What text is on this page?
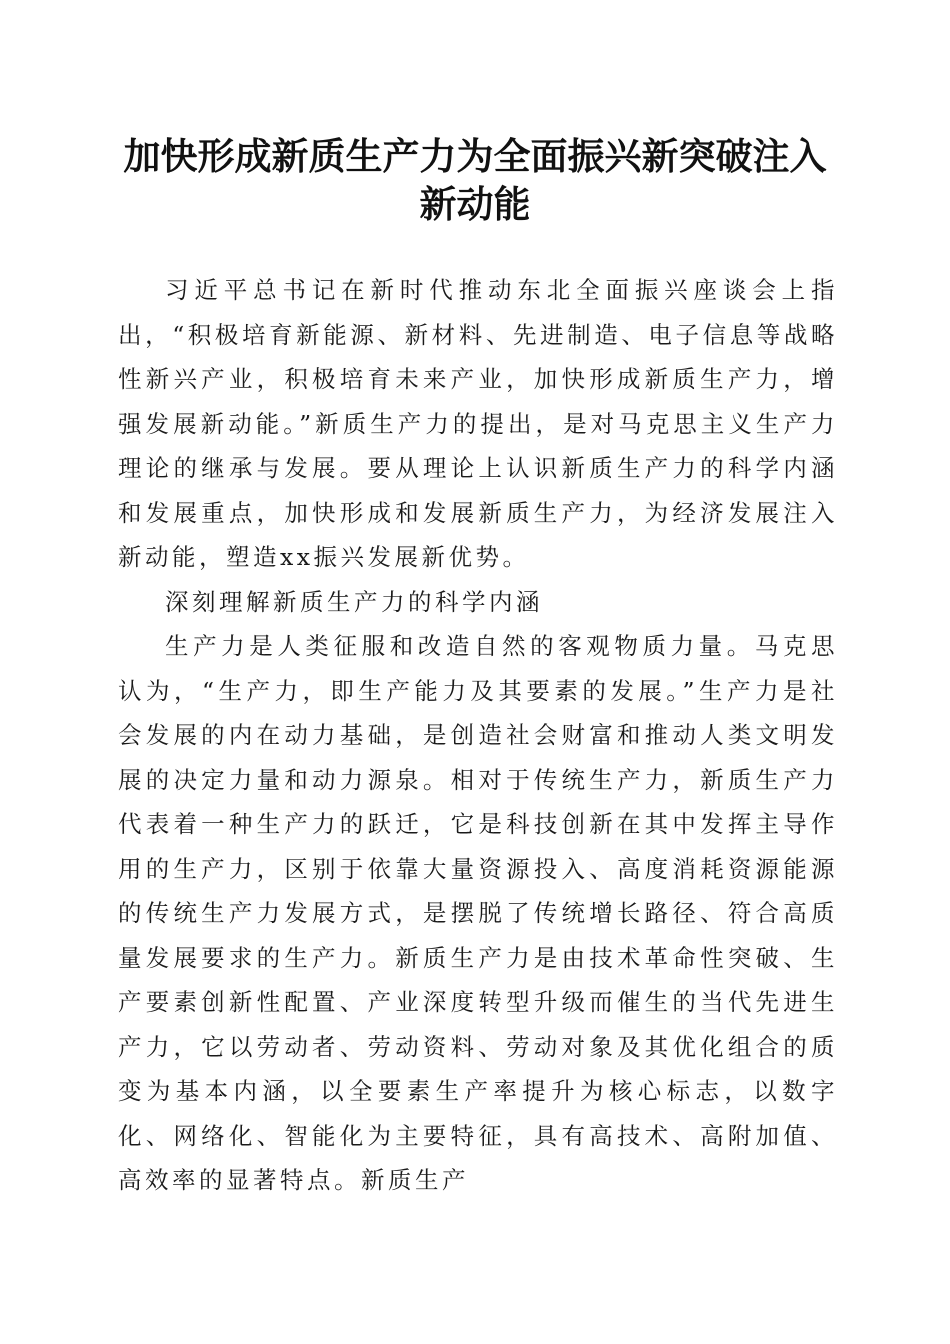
加快形成新质生产力为全面振兴新突破注入新动能

习近平总书记在新时代推动东北全面振兴座谈会上指出，“积极培育新能源、新材料、先进制造、电子信息等战略性新兴产业，积极培育未来产业，加快形成新质生产力，增强发展新动能。”新质生产力的提出，是对马克思主义生产力理论的继承与发展。要从理论上认识新质生产力的科学内涵和发展重点，加快形成和发展新质生产力，为经济发展注入新动能，塑造xx振兴发展新优势。

深刻理解新质生产力的科学内涵

生产力是人类征服和改造自然的客观物质力量。马克思认为，“生产力，即生产能力及其要素的发展。”生产力是社会发展的内在动力基础，是创造社会财富和推动人类文明发展的决定力量和动力源泉。相对于传统生产力，新质生产力代表着一种生产力的跃迁，它是科技创新在其中发挥主导作用的生产力，区别于依靠大量资源投入、高度消耗资源能源的传统生产力发展方式，是摆脱了传统增长路径、符合高质量发展要求的生产力。新质生产力是由技术革命性突破、生产要素创新性配置、产业深度转型升级而催生的当代先进生产力，它以劳动者、劳动资料、劳动对象及其优化组合的质变为基本内涵，以全要素生产率提升为核心标志，以数字化、网络化、智能化为主要特征，具有高技术、高附加值、高效率的显著特点。新质生产
